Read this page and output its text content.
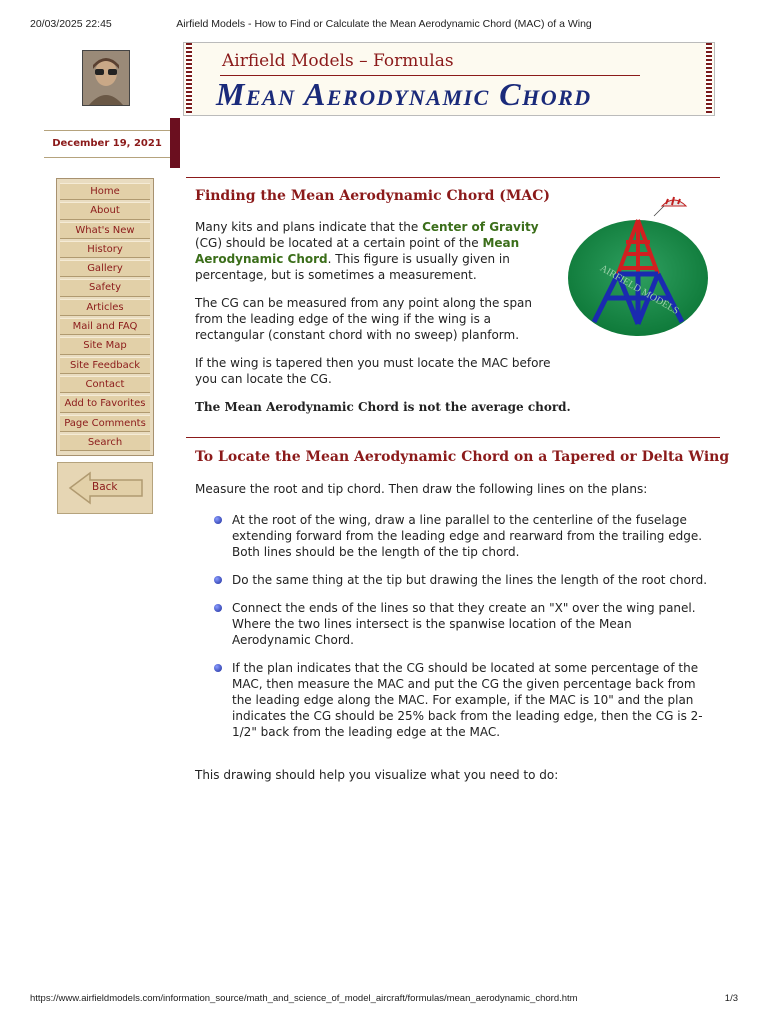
20/03/2025 22:45	Airfield Models - How to Find or Calculate the Mean Aerodynamic Chord (MAC) of a Wing
Airfield Models – Formulas
Mean Aerodynamic Chord
December 19, 2021
Home
About
What's New
History
Gallery
Safety
Articles
Mail and FAQ
Site Map
Site Feedback
Contact
Add to Favorites
Page Comments
Search
Back
Finding the Mean Aerodynamic Chord (MAC)

Many kits and plans indicate that the Center of Gravity (CG) should be located at a certain point of the Mean Aerodynamic Chord. This figure is usually given in percentage, but is sometimes a measurement.

The CG can be measured from any point along the span from the leading edge of the wing if the wing is a rectangular (constant chord with no sweep) planform.

If the wing is tapered then you must locate the MAC before you can locate the CG.

The Mean Aerodynamic Chord is not the average chord.

AIRFIELD MODELS
To Locate the Mean Aerodynamic Chord on a Tapered or Delta Wing

Measure the root and tip chord. Then draw the following lines on the plans:

At the root of the wing, draw a line parallel to the centerline of the fuselage extending forward from the leading edge and rearward from the trailing edge. Both lines should be the length of the tip chord.
Do the same thing at the tip but drawing the lines the length of the root chord.
Connect the ends of the lines so that they create an "X" over the wing panel. Where the two lines intersect is the spanwise location of the Mean Aerodynamic Chord.
If the plan indicates that the CG should be located at some percentage of the MAC, then measure the MAC and put the CG the given percentage back from the leading edge along the MAC. For example, if the MAC is 10" and the plan indicates the CG should be 25% back from the leading edge, then the CG is 2-1/2" back from the leading edge at the MAC.

This drawing should help you visualize what you need to do:

https://www.airfieldmodels.com/information_source/math_and_science_of_model_aircraft/formulas/mean_aerodynamic_chord.htm	1/3
